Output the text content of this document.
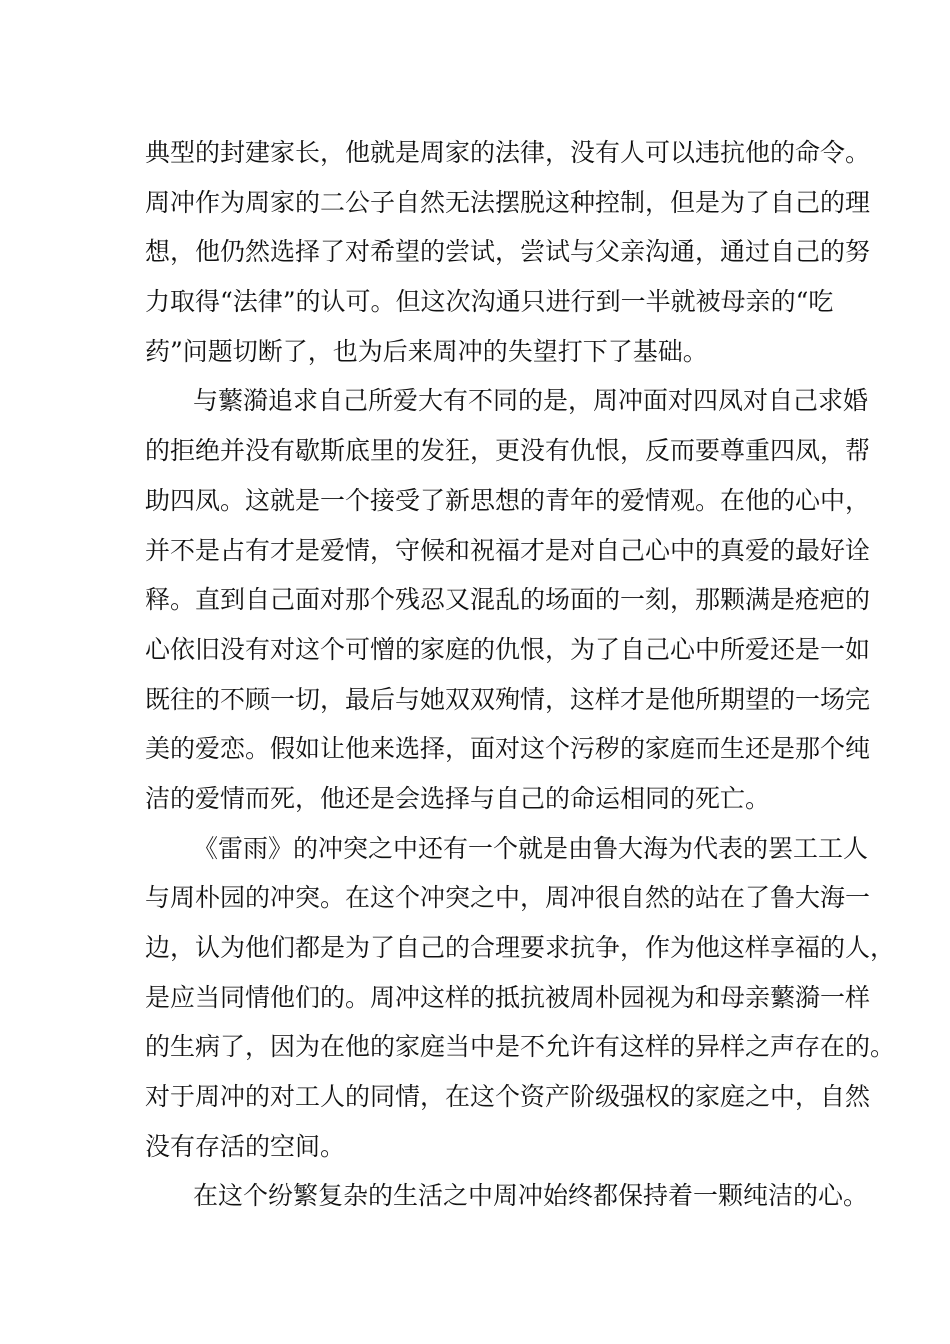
典型的封建家长，他就是周家的法律，没有人可以违抗他的命令。
周冲作为周家的二公子自然无法摆脱这种控制，但是为了自己的理
想，他仍然选择了对希望的尝试，尝试与父亲沟通，通过自己的努
力取得“法律”的认可。但这次沟通只进行到一半就被母亲的“吃
药”问题切断了，也为后来周冲的失望打下了基础。
与蘩漪追求自己所爱大有不同的是，周冲面对四凤对自己求婚
的拒绝并没有歇斯底里的发狂，更没有仇恨，反而要尊重四凤，帮
助四凤。这就是一个接受了新思想的青年的爱情观。在他的心中，
并不是占有才是爱情，守候和祝福才是对自己心中的真爱的最好诠
释。直到自己面对那个残忍又混乱的场面的一刻，那颗满是疮疤的
心依旧没有对这个可憎的家庭的仇恨，为了自己心中所爱还是一如
既往的不顾一切，最后与她双双殉情，这样才是他所期望的一场完
美的爱恋。假如让他来选择，面对这个污秽的家庭而生还是那个纯
洁的爱情而死，他还是会选择与自己的命运相同的死亡。
《雷雨》的冲突之中还有一个就是由鲁大海为代表的罢工工人
与周朴园的冲突。在这个冲突之中，周冲很自然的站在了鲁大海一
边，认为他们都是为了自己的合理要求抗争，作为他这样享福的人，
是应当同情他们的。周冲这样的抵抗被周朴园视为和母亲蘩漪一样
的生病了，因为在他的家庭当中是不允许有这样的异样之声存在的。
对于周冲的对工人的同情，在这个资产阶级强权的家庭之中，自然
没有存活的空间。
在这个纷繁复杂的生活之中周冲始终都保持着一颗纯洁的心。
